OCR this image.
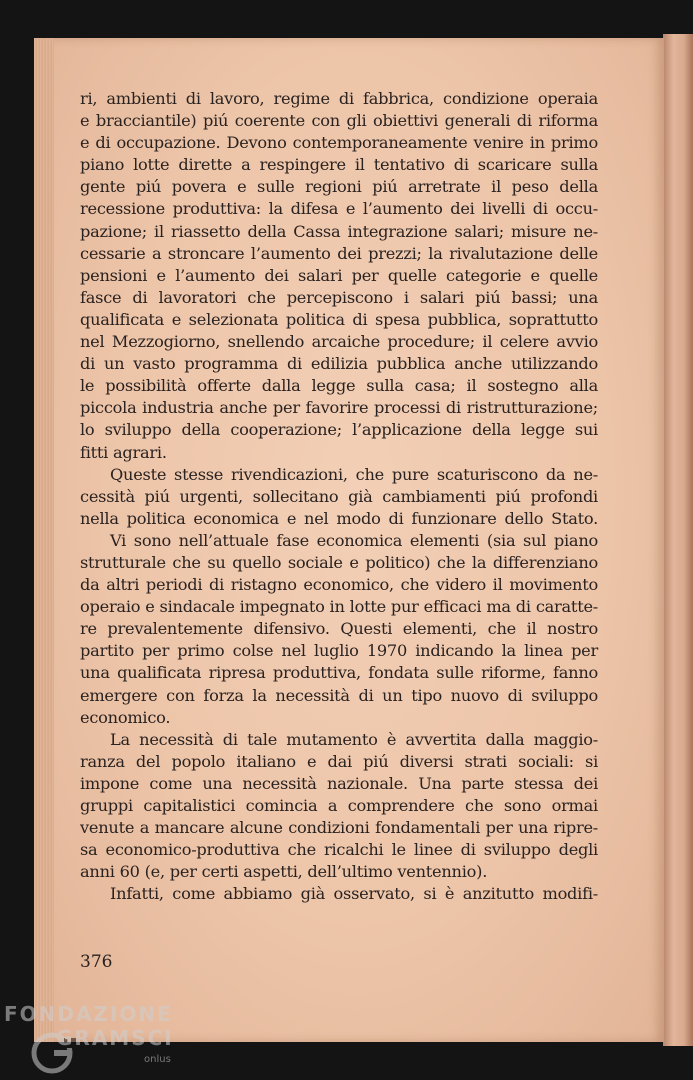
ri, ambienti di lavoro, regime di fabbrica, condizione operaia
e bracciantile) piú coerente con gli obiettivi generali di riforma
e di occupazione. Devono contemporaneamente venire in primo
piano lotte dirette a respingere il tentativo di scaricare sulla
gente piú povera e sulle regioni piú arretrate il peso della
recessione produttiva: la difesa e l’aumento dei livelli di occu-
pazione; il riassetto della Cassa integrazione salari; misure ne-
cessarie a stroncare l’aumento dei prezzi; la rivalutazione delle
pensioni e l’aumento dei salari per quelle categorie e quelle
fasce di lavoratori che percepiscono i salari piú bassi; una
qualificata e selezionata politica di spesa pubblica, soprattutto
nel Mezzogiorno, snellendo arcaiche procedure; il celere avvio
di un vasto programma di edilizia pubblica anche utilizzando
le possibilità offerte dalla legge sulla casa; il sostegno alla
piccola industria anche per favorire processi di ristrutturazione;
lo sviluppo della cooperazione; l’applicazione della legge sui
fitti agrari.
Queste stesse rivendicazioni, che pure scaturiscono da ne-
cessità piú urgenti, sollecitano già cambiamenti piú profondi
nella politica economica e nel modo di funzionare dello Stato.
Vi sono nell’attuale fase economica elementi (sia sul piano
strutturale che su quello sociale e politico) che la differenziano
da altri periodi di ristagno economico, che videro il movimento
operaio e sindacale impegnato in lotte pur efficaci ma di caratte-
re prevalentemente difensivo. Questi elementi, che il nostro
partito per primo colse nel luglio 1970 indicando la linea per
una qualificata ripresa produttiva, fondata sulle riforme, fanno
emergere con forza la necessità di un tipo nuovo di sviluppo
economico.
La necessità di tale mutamento è avvertita dalla maggio-
ranza del popolo italiano e dai piú diversi strati sociali: si
impone come una necessità nazionale. Una parte stessa dei
gruppi capitalistici comincia a comprendere che sono ormai
venute a mancare alcune condizioni fondamentali per una ripre-
sa economico-produttiva che ricalchi le linee di sviluppo degli
anni 60 (e, per certi aspetti, dell’ultimo ventennio).
Infatti, come abbiamo già osservato, si è anzitutto modifi-
376
FONDAZIONE
GRAMSCI
onlus
